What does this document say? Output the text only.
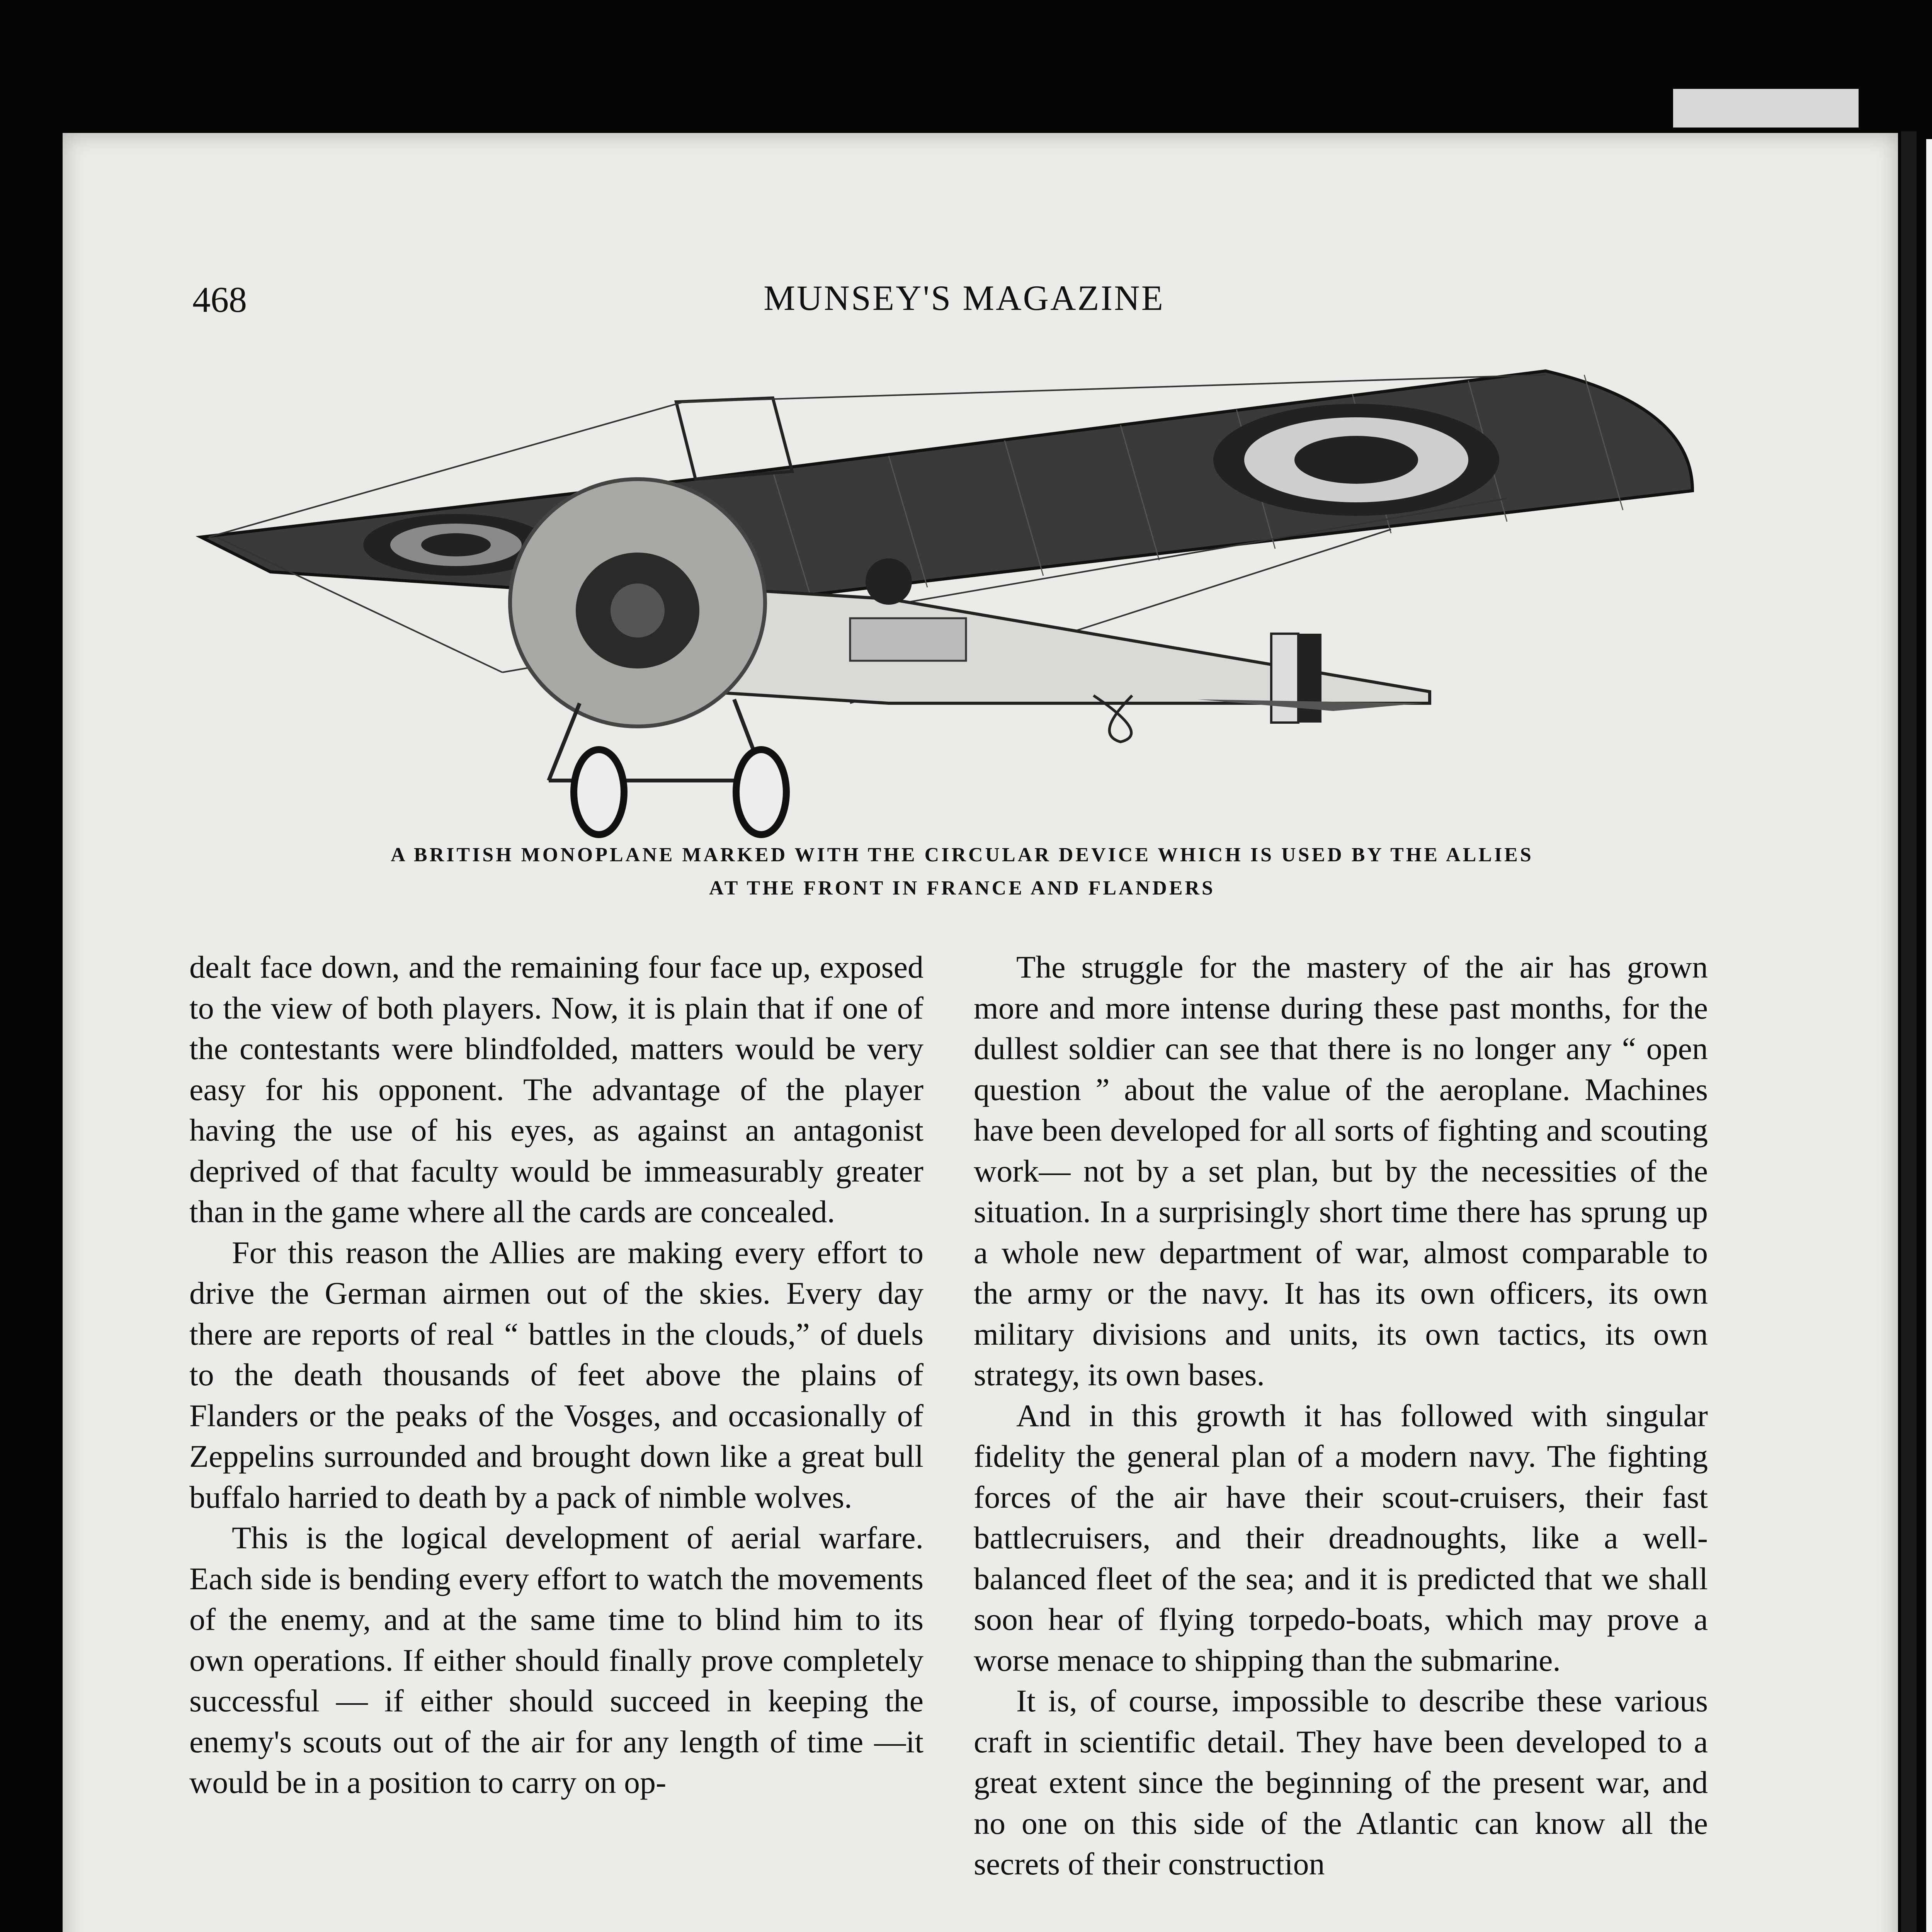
468	MUNSEY'S MAGAZINE
A BRITISH MONOPLANE MARKED WITH THE CIRCULAR DEVICE WHICH IS USED BY THE ALLIES
AT THE FRONT IN FRANCE AND FLANDERS

dealt face down, and the remaining four face up, exposed to the view of both players. Now, it is plain that if one of the contestants were blindfolded, matters would be very easy for his opponent. The advantage of the player having the use of his eyes, as against an antagonist deprived of that faculty would be immeasurably greater than in the game where all the cards are concealed.

For this reason the Allies are making every effort to drive the German airmen out of the skies. Every day there are reports of real “ battles in the clouds,” of duels to the death thousands of feet above the plains of Flanders or the peaks of the Vosges, and occasionally of Zeppelins surrounded and brought down like a great bull buffalo harried to death by a pack of nimble wolves.

This is the logical development of aerial warfare. Each side is bending every effort to watch the movements of the enemy, and at the same time to blind him to its own operations. If either should finally prove completely successful — if either should succeed in keeping the enemy's scouts out of the air for any length of time —it would be in a position to carry on op-

The struggle for the mastery of the air has grown more and more intense during these past months, for the dullest soldier can see that there is no longer any “ open question ” about the value of the aeroplane. Machines have been developed for all sorts of fighting and scouting work— not by a set plan, but by the necessities of the situation. In a surprisingly short time there has sprung up a whole new department of war, almost comparable to the army or the navy. It has its own officers, its own military divisions and units, its own tactics, its own strategy, its own bases.

And in this growth it has followed with singular fidelity the general plan of a modern navy. The fighting forces of the air have their scout-cruisers, their fast battlecruisers, and their dreadnoughts, like a well-balanced fleet of the sea; and it is predicted that we shall soon hear of flying torpedo-boats, which may prove a worse menace to shipping than the submarine.

It is, of course, impossible to describe these various craft in scientific detail. They have been developed to a great extent since the beginning of the present war, and no one on this side of the Atlantic can know all the secrets of their construction
